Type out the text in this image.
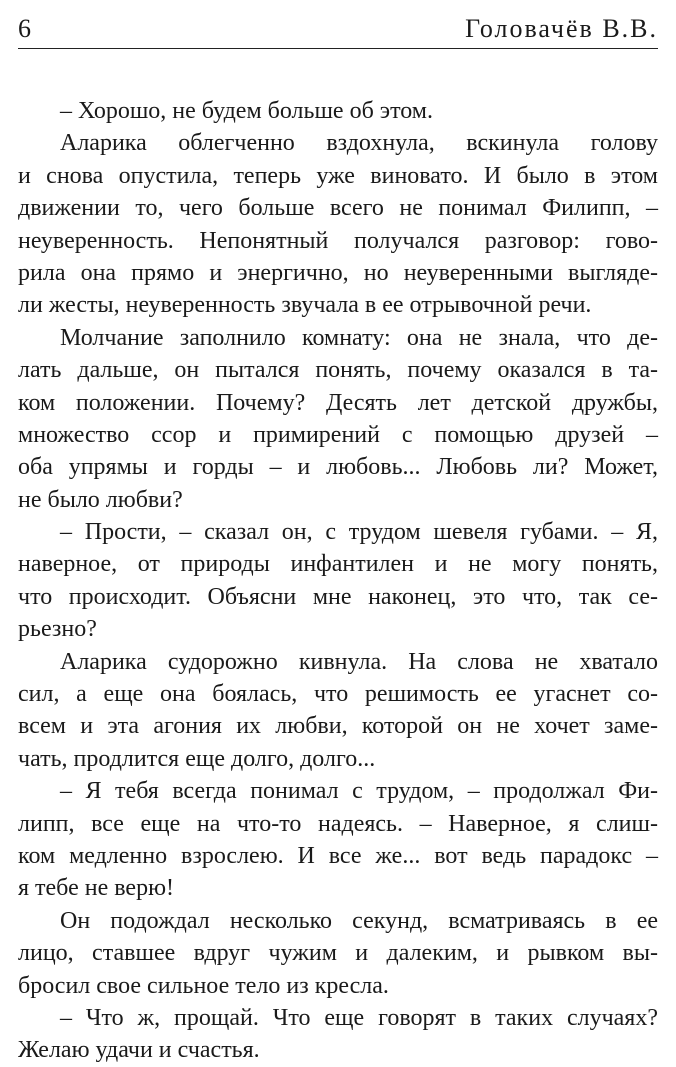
6	Головачёв В.В.
– Хорошо, не будем больше об этом.
Аларика облегченно вздохнула, вскинула голову
и снова опустила, теперь уже виновато. И было в этом
движении то, чего больше всего не понимал Филипп, –
неуверенность. Непонятный получался разговор: гово-
рила она прямо и энергично, но неуверенными выгляде-
ли жесты, неуверенность звучала в ее отрывочной речи.
Молчание заполнило комнату: она не знала, что де-
лать дальше, он пытался понять, почему оказался в та-
ком положении. Почему? Десять лет детской дружбы,
множество ссор и примирений с помощью друзей –
оба упрямы и горды – и любовь... Любовь ли? Может,
не было любви?
– Прости, – сказал он, с трудом шевеля губами. – Я,
наверное, от природы инфантилен и не могу понять,
что происходит. Объясни мне наконец, это что, так се-
рьезно?
Аларика судорожно кивнула. На слова не хватало
сил, а еще она боялась, что решимость ее угаснет со-
всем и эта агония их любви, которой он не хочет заме-
чать, продлится еще долго, долго...
– Я тебя всегда понимал с трудом, – продолжал Фи-
липп, все еще на что-то надеясь. – Наверное, я слиш-
ком медленно взрослею. И все же... вот ведь парадокс –
я тебе не верю!
Он подождал несколько секунд, всматриваясь в ее
лицо, ставшее вдруг чужим и далеким, и рывком вы-
бросил свое сильное тело из кресла.
– Что ж, прощай. Что еще говорят в таких случаях?
Желаю удачи и счастья.
